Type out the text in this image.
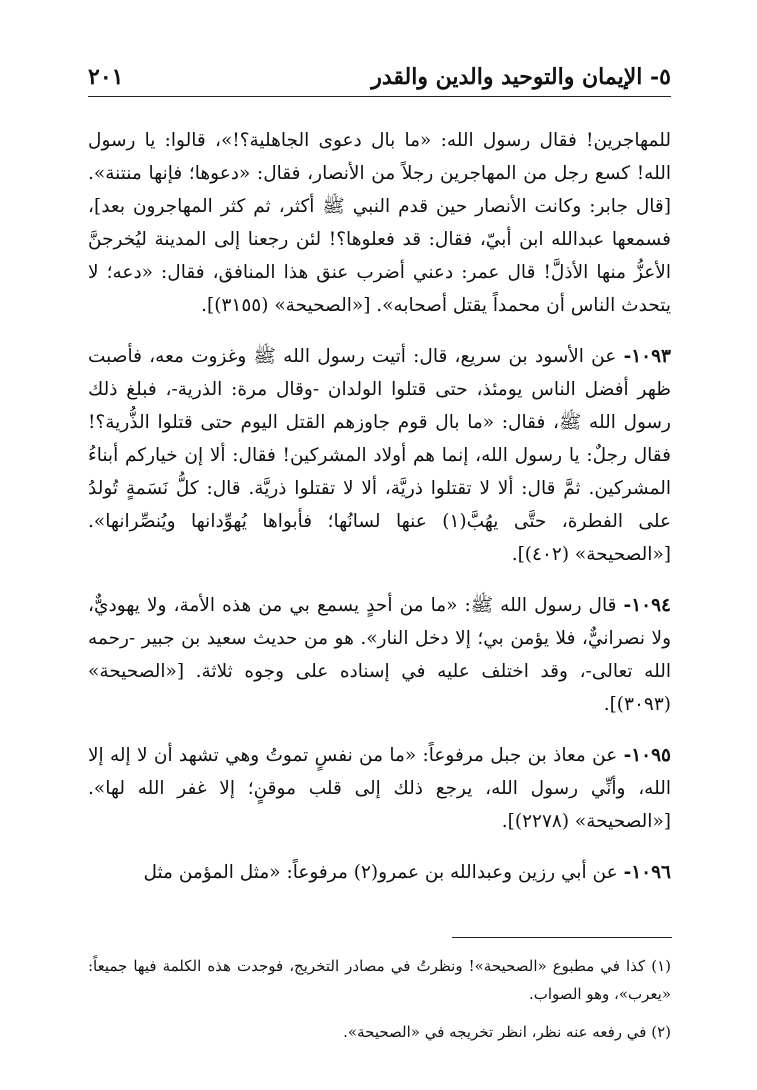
٥- الإيمان والتوحيد والدين والقدر
٢٠١

للمهاجرين! فقال رسول الله: «ما بال دعوى الجاهلية؟!»، قالوا: يا رسول الله! كسع رجل من المهاجرين رجلاً من الأنصار، فقال: «دعوها؛ فإنها منتنة». [قال جابر: وكانت الأنصار حين قدم النبي ﷺ أكثر، ثم كثر المهاجرون بعد]، فسمعها عبدالله ابن أبيّ، فقال: قد فعلوها؟! لئن رجعنا إلى المدينة ليُخرجنَّ الأعزُّ منها الأذلَّ! قال عمر: دعني أضرب عنق هذا المنافق، فقال: «دعه؛ لا يتحدث الناس أن محمداً يقتل أصحابه». [«الصحيحة» (٣١٥٥)].

١٠٩٣- عن الأسود بن سريع، قال: أتيت رسول الله ﷺ وغزوت معه، فأصبت ظهر أفضل الناس يومئذ، حتى قتلوا الولدان -وقال مرة: الذرية-، فبلغ ذلك رسول الله ﷺ، فقال: «ما بال قوم جاوزهم القتل اليوم حتى قتلوا الذُّرية؟! فقال رجلٌ: يا رسول الله، إنما هم أولاد المشركين! فقال: ألا إن خياركم أبناءُ المشركين. ثمَّ قال: ألا لا تقتلوا ذريَّة، ألا لا تقتلوا ذريَّة. قال: كلُّ نَسَمةٍ تُولدُ على الفطرة، حتَّى يهُبَّ(١) عنها لسانُها؛ فأبواها يُهوِّدانها ويُنصِّرانها». [«الصحيحة» (٤٠٢)].

١٠٩٤- قال رسول الله ﷺ: «ما من أحدٍ يسمع بي من هذه الأمة، ولا يهوديٌّ، ولا نصرانيٌّ، فلا يؤمن بي؛ إلا دخل النار». هو من حديث سعيد بن جبير -رحمه الله تعالى-، وقد اختلف عليه في إسناده على وجوه ثلاثة. [«الصحيحة» (٣٠٩٣)].

١٠٩٥- عن معاذ بن جبل مرفوعاً: «ما من نفسٍ تموتُ وهي تشهد أن لا إله إلا الله، وأنِّي رسول الله، يرجع ذلك إلى قلب موقنٍ؛ إلا غفر الله لها». [«الصحيحة» (٢٢٧٨)].

١٠٩٦- عن أبي رزين وعبدالله بن عمرو(٢) مرفوعاً: «مثل المؤمن مثل

(١) كذا في مطبوع «الصحيحة»! ونظرتُ في مصادر التخريج، فوجدت هذه الكلمة فيها جميعاً: «يعرب»، وهو الصواب.

(٢) في رفعه عنه نظر، انظر تخريجه في «الصحيحة».
